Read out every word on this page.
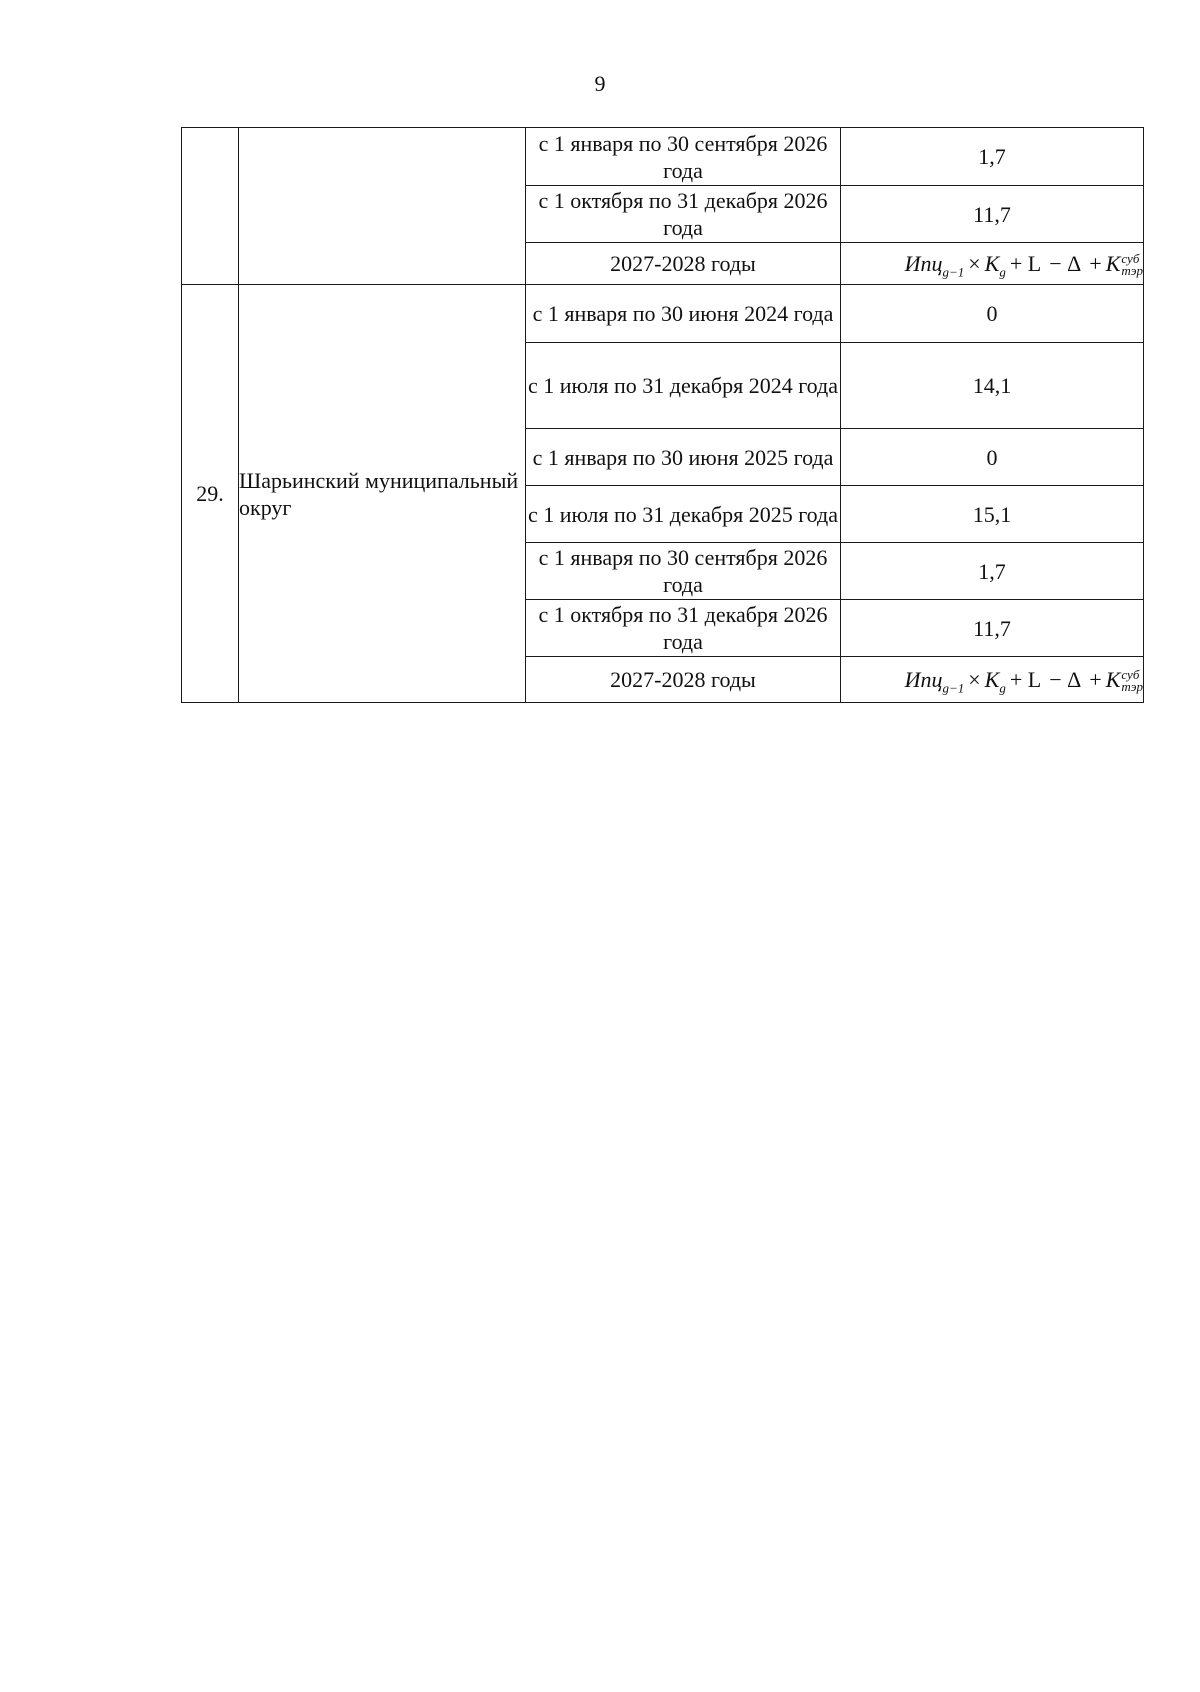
9
		с 1 января по 30 сентября 2026 года	1,7
		с 1 октября по 31 декабря 2026 года	11,7
		2027-2028 годы	$Ипц_{g-1} \times K_g + L - \Delta + K$ суб
тэр

29.	Шарьинский муниципальный округ	с 1 января по 30 июня 2024 года	0
		с 1 июля по 31 декабря 2024 года	14,1
		с 1 января по 30 июня 2025 года	0
		с 1 июля по 31 декабря 2025 года	15,1
		с 1 января по 30 сентября 2026 года	1,7
		с 1 октября по 31 декабря 2026 года	11,7
		2027-2028 годы	$Ипц_{g-1} \times K_g + L - \Delta + K$ суб
тэр
